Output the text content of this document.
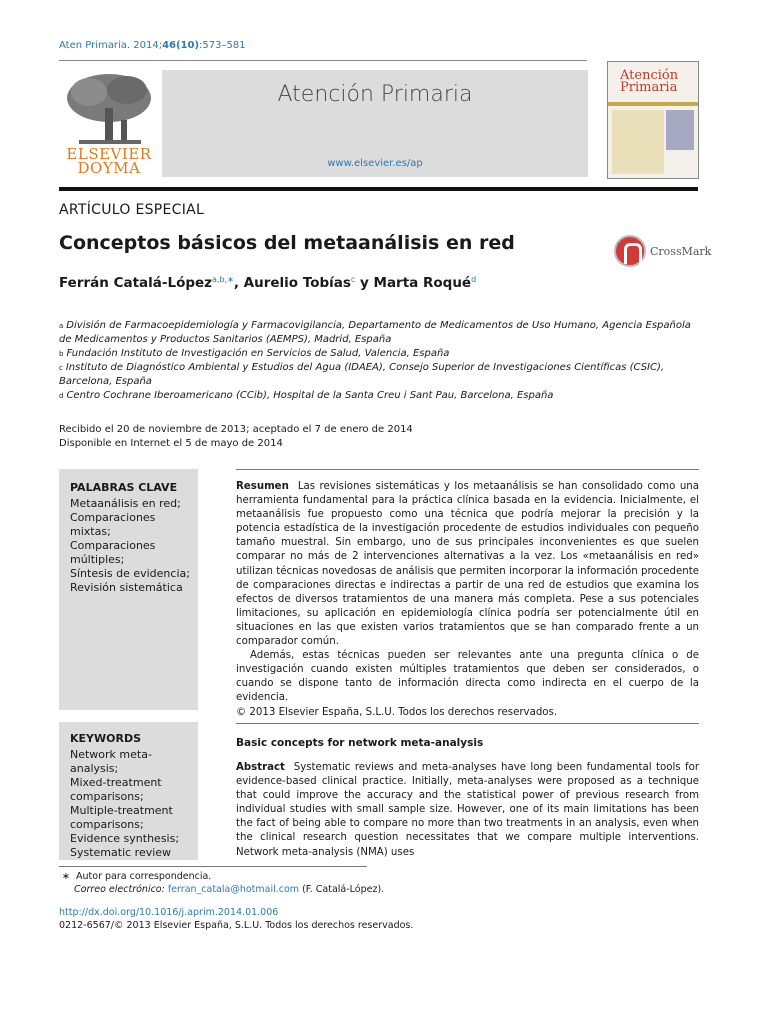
Aten Primaria. 2014;46(10):573–581
ELSEVIER
DOYMA
Atención Primaria
www.elsevier.es/ap
Atención Primaria
ARTÍCULO ESPECIAL
Conceptos básicos del metaanálisis en red	CrossMark
Ferrán Catalá-López$^{a,b,∗}$, Aurelio Tobías$^c$ y Marta Roqué$^d$
$^a$ División de Farmacoepidemiología y Farmacovigilancia, Departamento de Medicamentos de Uso Humano, Agencia Española de Medicamentos y Productos Sanitarios (AEMPS), Madrid, España
$^b$ Fundación Instituto de Investigación en Servicios de Salud, Valencia, España
$^c$ Instituto de Diagnóstico Ambiental y Estudios del Agua (IDAEA), Consejo Superior de Investigaciones Científicas (CSIC), Barcelona, España
$^d$ Centro Cochrane Iberoamericano (CCib), Hospital de la Santa Creu i Sant Pau, Barcelona, España
Recibido el 20 de noviembre de 2013; aceptado el 7 de enero de 2014
Disponible en Internet el 5 de mayo de 2014
PALABRAS CLAVE
Metaanálisis en red;
Comparaciones mixtas;
Comparaciones múltiples;
Síntesis de evidencia;
Revisión sistemática
KEYWORDS
Network meta-analysis;
Mixed-treatment comparisons;
Multiple-treatment comparisons;
Evidence synthesis;
Systematic review
Resumen Las revisiones sistemáticas y los metaanálisis se han consolidado como una herramienta fundamental para la práctica clínica basada en la evidencia. Inicialmente, el metaanálisis fue propuesto como una técnica que podría mejorar la precisión y la potencia estadística de la investigación procedente de estudios individuales con pequeño tamaño muestral. Sin embargo, uno de sus principales inconvenientes es que suelen comparar no más de 2 intervenciones alternativas a la vez. Los «metaanálisis en red» utilizan técnicas novedosas de análisis que permiten incorporar la información procedente de comparaciones directas e indirectas a partir de una red de estudios que examina los efectos de diversos tratamientos de una manera más completa. Pese a sus potenciales limitaciones, su aplicación en epidemiología clínica podría ser potencialmente útil en situaciones en las que existen varios tratamientos que se han comparado frente a un comparador común.
Además, estas técnicas pueden ser relevantes ante una pregunta clínica o de investigación cuando existen múltiples tratamientos que deben ser considerados, o cuando se dispone tanto de información directa como indirecta en el cuerpo de la evidencia.
© 2013 Elsevier España, S.L.U. Todos los derechos reservados.
Basic concepts for network meta-analysis
Abstract Systematic reviews and meta-analyses have long been fundamental tools for evidence-based clinical practice. Initially, meta-analyses were proposed as a technique that could improve the accuracy and the statistical power of previous research from individual studies with small sample size. However, one of its main limitations has been the fact of being able to compare no more than two treatments in an analysis, even when the clinical research question necessitates that we compare multiple interventions. Network meta-analysis (NMA) uses
∗ Autor para correspondencia.
Correo electrónico: ferran_catala@hotmail.com (F. Catalá-López).
http://dx.doi.org/10.1016/j.aprim.2014.01.006
0212-6567/© 2013 Elsevier España, S.L.U. Todos los derechos reservados.
